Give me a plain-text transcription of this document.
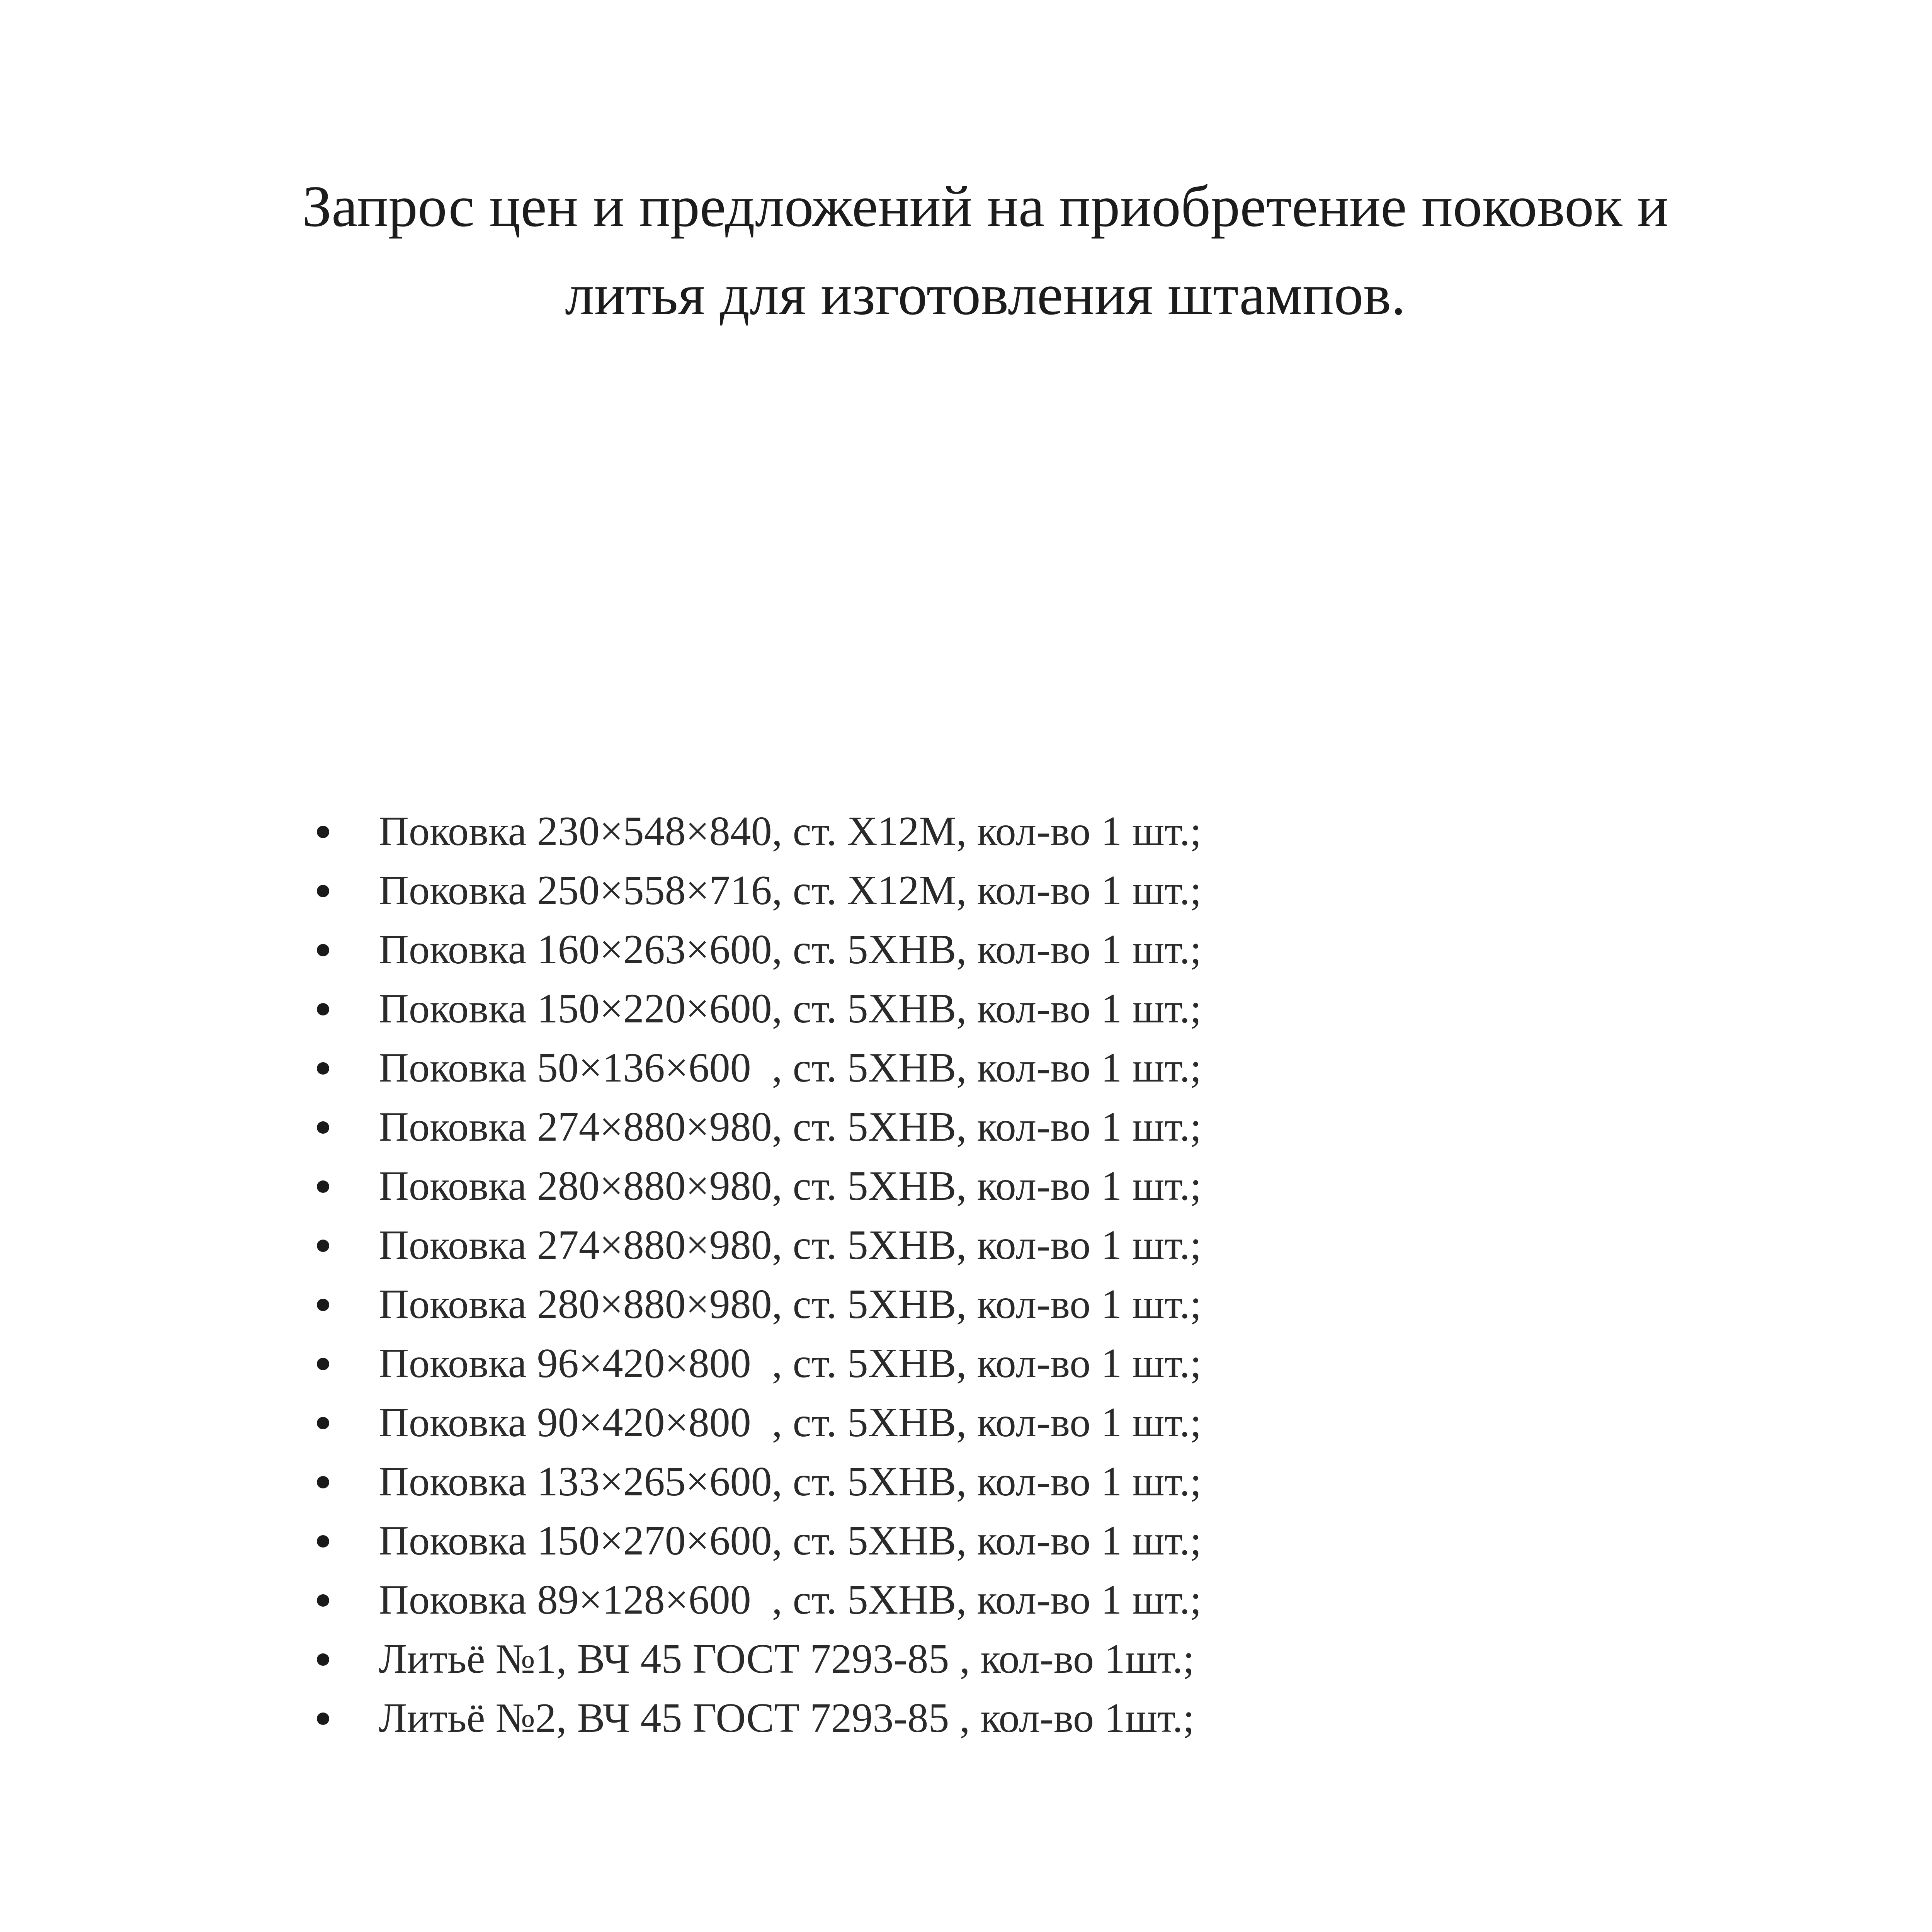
Запрос цен и предложений на приобретение поковок и
литья для изготовления штампов.
Поковка 230×548×840, ст. Х12М, кол-во 1 шт.;
Поковка 250×558×716, ст. Х12М, кол-во 1 шт.;
Поковка 160×263×600, ст. 5ХНВ, кол-во 1 шт.;
Поковка 150×220×600, ст. 5ХНВ, кол-во 1 шт.;
Поковка 50×136×600  , ст. 5ХНВ, кол-во 1 шт.;
Поковка 274×880×980, ст. 5ХНВ, кол-во 1 шт.;
Поковка 280×880×980, ст. 5ХНВ, кол-во 1 шт.;
Поковка 274×880×980, ст. 5ХНВ, кол-во 1 шт.;
Поковка 280×880×980, ст. 5ХНВ, кол-во 1 шт.;
Поковка 96×420×800  , ст. 5ХНВ, кол-во 1 шт.;
Поковка 90×420×800  , ст. 5ХНВ, кол-во 1 шт.;
Поковка 133×265×600, ст. 5ХНВ, кол-во 1 шт.;
Поковка 150×270×600, ст. 5ХНВ, кол-во 1 шт.;
Поковка 89×128×600  , ст. 5ХНВ, кол-во 1 шт.;
Литьё №1, ВЧ 45 ГОСТ 7293-85 , кол-во 1шт.;
Литьё №2, ВЧ 45 ГОСТ 7293-85 , кол-во 1шт.;
